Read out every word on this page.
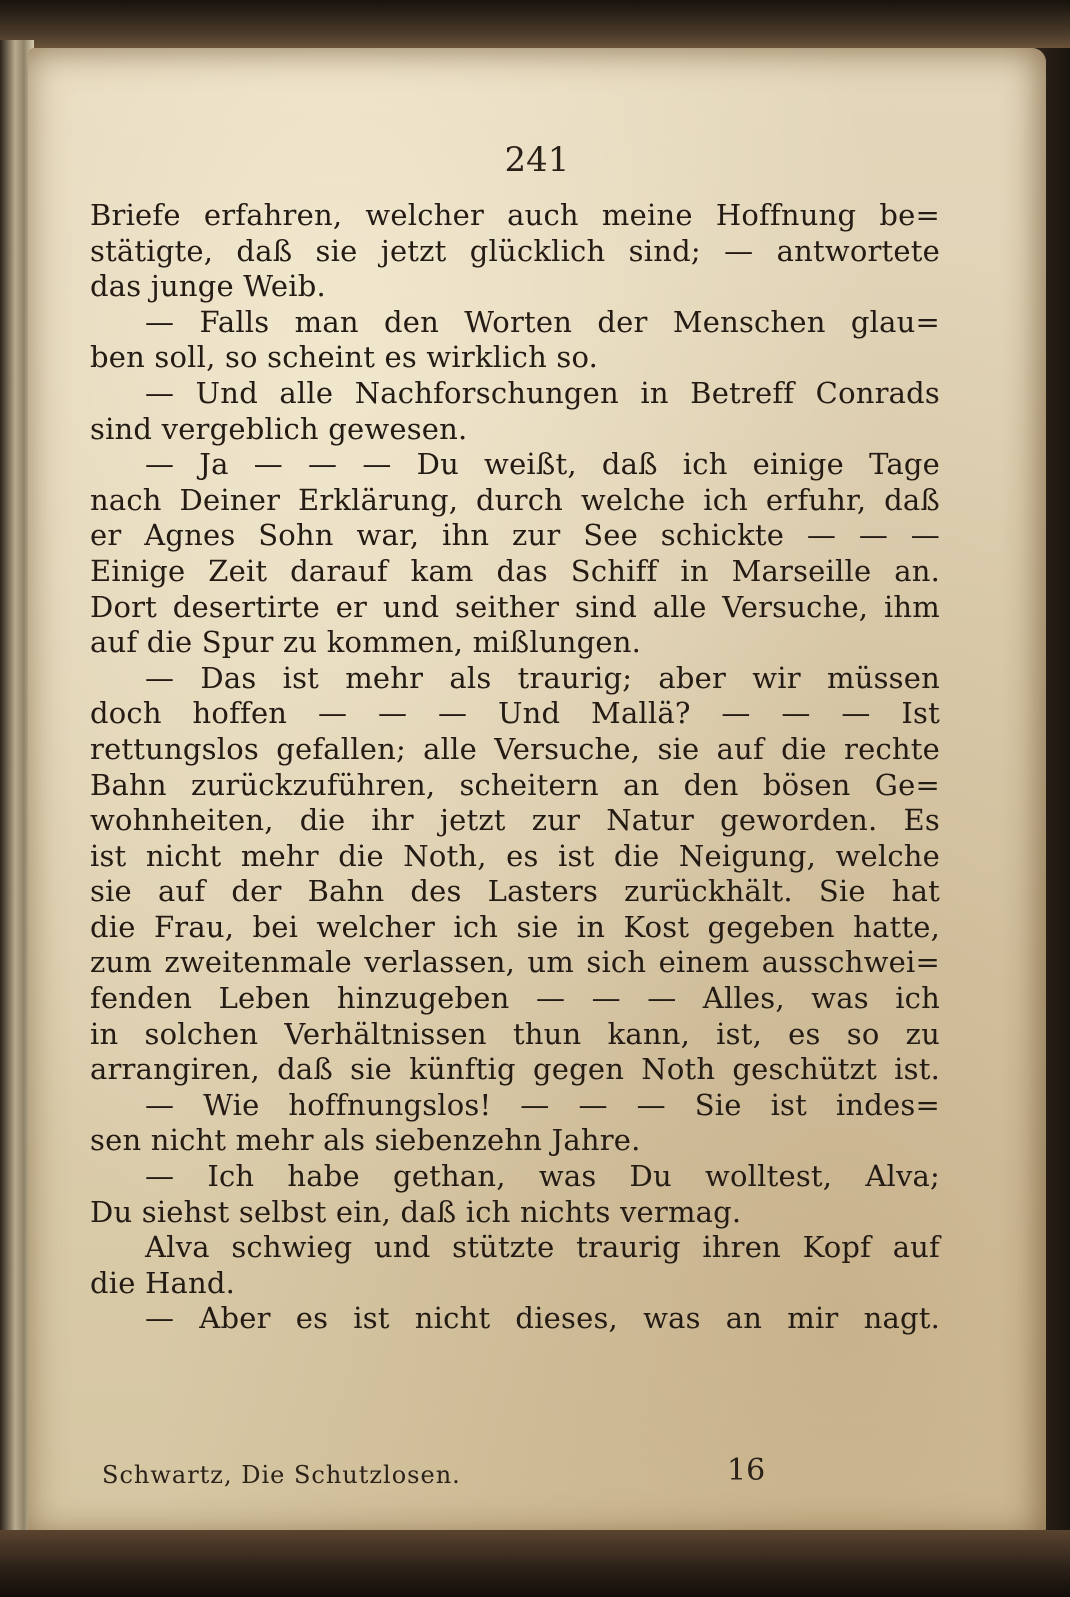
241
Briefe erfahren, welcher auch meine Hoffnung be=
stätigte, daß sie jetzt glücklich sind; — antwortete
das junge Weib.
— Falls man den Worten der Menschen glau=
ben soll, so scheint es wirklich so.
— Und alle Nachforschungen in Betreff Conrads
sind vergeblich gewesen.
— Ja — — — Du weißt, daß ich einige Tage
nach Deiner Erklärung, durch welche ich erfuhr, daß
er Agnes Sohn war, ihn zur See schickte — — —
Einige Zeit darauf kam das Schiff in Marseille an.
Dort desertirte er und seither sind alle Versuche, ihm
auf die Spur zu kommen, mißlungen.
— Das ist mehr als traurig; aber wir müssen
doch hoffen — — — Und Mallä? — — — Ist
rettungslos gefallen; alle Versuche, sie auf die rechte
Bahn zurückzuführen, scheitern an den bösen Ge=
wohnheiten, die ihr jetzt zur Natur geworden. Es
ist nicht mehr die Noth, es ist die Neigung, welche
sie auf der Bahn des Lasters zurückhält. Sie hat
die Frau, bei welcher ich sie in Kost gegeben hatte,
zum zweitenmale verlassen, um sich einem ausschwei=
fenden Leben hinzugeben — — — Alles, was ich
in solchen Verhältnissen thun kann, ist, es so zu
arrangiren, daß sie künftig gegen Noth geschützt ist.
— Wie hoffnungslos! — — — Sie ist indes=
sen nicht mehr als siebenzehn Jahre.
— Ich habe gethan, was Du wolltest, Alva;
Du siehst selbst ein, daß ich nichts vermag.
Alva schwieg und stützte traurig ihren Kopf auf
die Hand.
— Aber es ist nicht dieses, was an mir nagt.
Schwartz, Die Schutzlosen.	16
